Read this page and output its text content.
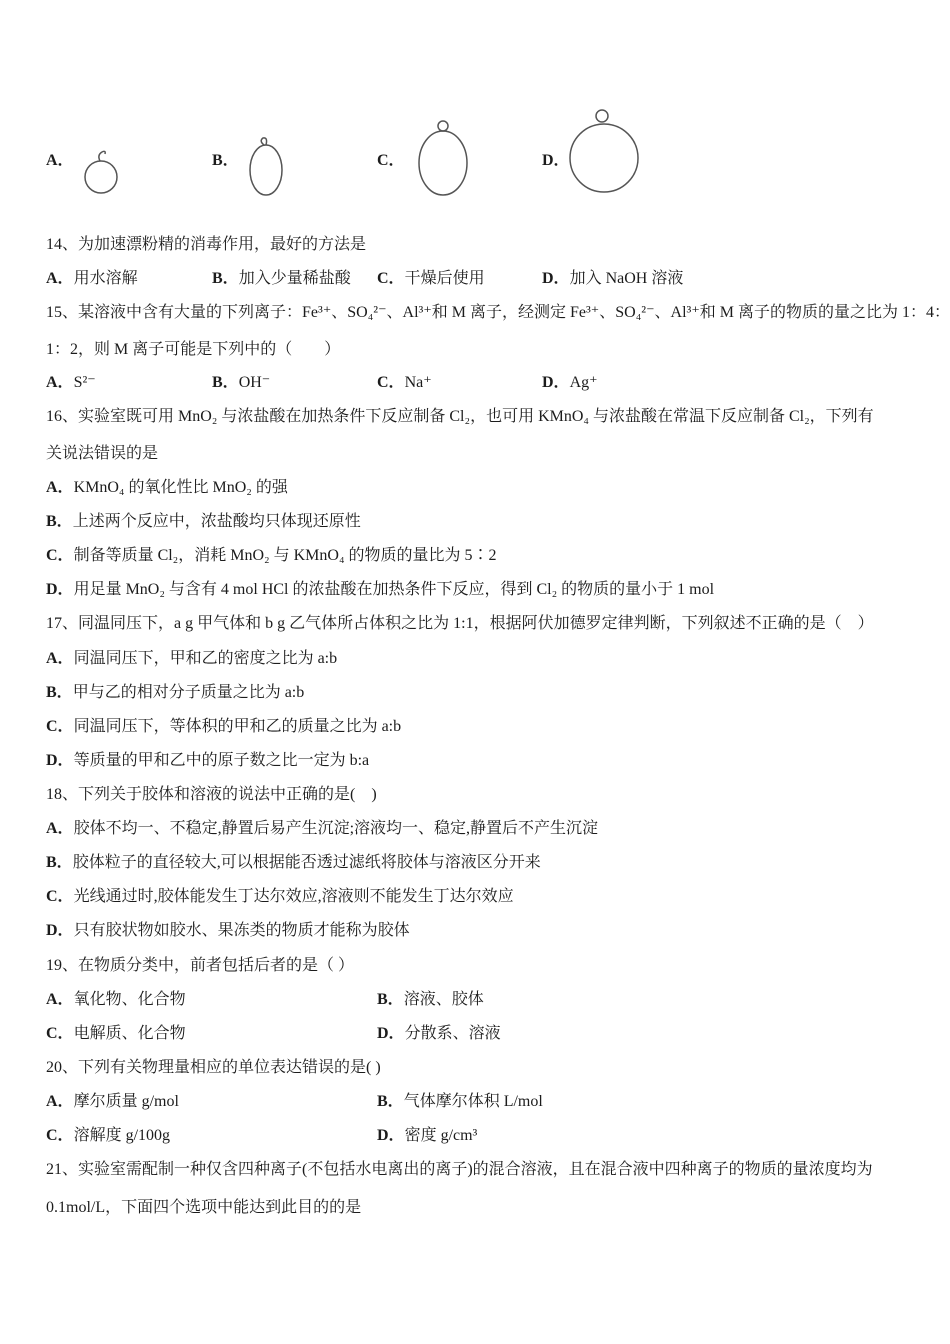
A．	B．	C．	D．
14、为加速漂粉精的消毒作用，最好的方法是
A．用水溶解	B．加入少量稀盐酸 C．干燥后使用	D．加入 NaOH 溶液
15、某溶液中含有大量的下列离子：Fe³⁺、SO₄²⁻、Al³⁺和 M 离子，经测定 Fe³⁺、SO₄²⁻、Al³⁺和 M 离子的物质的量之比为 1：4：
1：2，则 M 离子可能是下列中的（　　）
A．S²⁻	B．OH⁻	C．Na⁺	D．Ag⁺
16、实验室既可用 MnO₂ 与浓盐酸在加热条件下反应制备 Cl₂，也可用 KMnO₄ 与浓盐酸在常温下反应制备 Cl₂，下列有
关说法错误的是
A．KMnO₄ 的氧化性比 MnO₂ 的强
B．上述两个反应中，浓盐酸均只体现还原性
C．制备等质量 Cl₂，消耗 MnO₂ 与 KMnO₄ 的物质的量比为 5∶2
D．用足量 MnO₂ 与含有 4 mol HCl 的浓盐酸在加热条件下反应，得到 Cl₂ 的物质的量小于 1 mol
17、同温同压下，a g 甲气体和 b g 乙气体所占体积之比为 1:1，根据阿伏加德罗定律判断，下列叙述不正确的是（　）
A．同温同压下，甲和乙的密度之比为 a:b
B．甲与乙的相对分子质量之比为 a:b
C．同温同压下，等体积的甲和乙的质量之比为 a:b
D．等质量的甲和乙中的原子数之比一定为 b:a
18、下列关于胶体和溶液的说法中正确的是(　)
A．胶体不均一、不稳定,静置后易产生沉淀;溶液均一、稳定,静置后不产生沉淀
B．胶体粒子的直径较大,可以根据能否透过滤纸将胶体与溶液区分开来
C．光线通过时,胶体能发生丁达尔效应,溶液则不能发生丁达尔效应
D．只有胶状物如胶水、果冻类的物质才能称为胶体
19、在物质分类中，前者包括后者的是（ ）
A．氧化物、化合物	B．溶液、胶体
C．电解质、化合物	D．分散系、溶液
20、下列有关物理量相应的单位表达错误的是( )
A．摩尔质量 g/mol	B．气体摩尔体积 L/mol
C．溶解度 g/100g	D．密度 g/cm³
21、实验室需配制一种仅含四种离子(不包括水电离出的离子)的混合溶液，且在混合液中四种离子的物质的量浓度均为
0.1mol/L，下面四个选项中能达到此目的的是
